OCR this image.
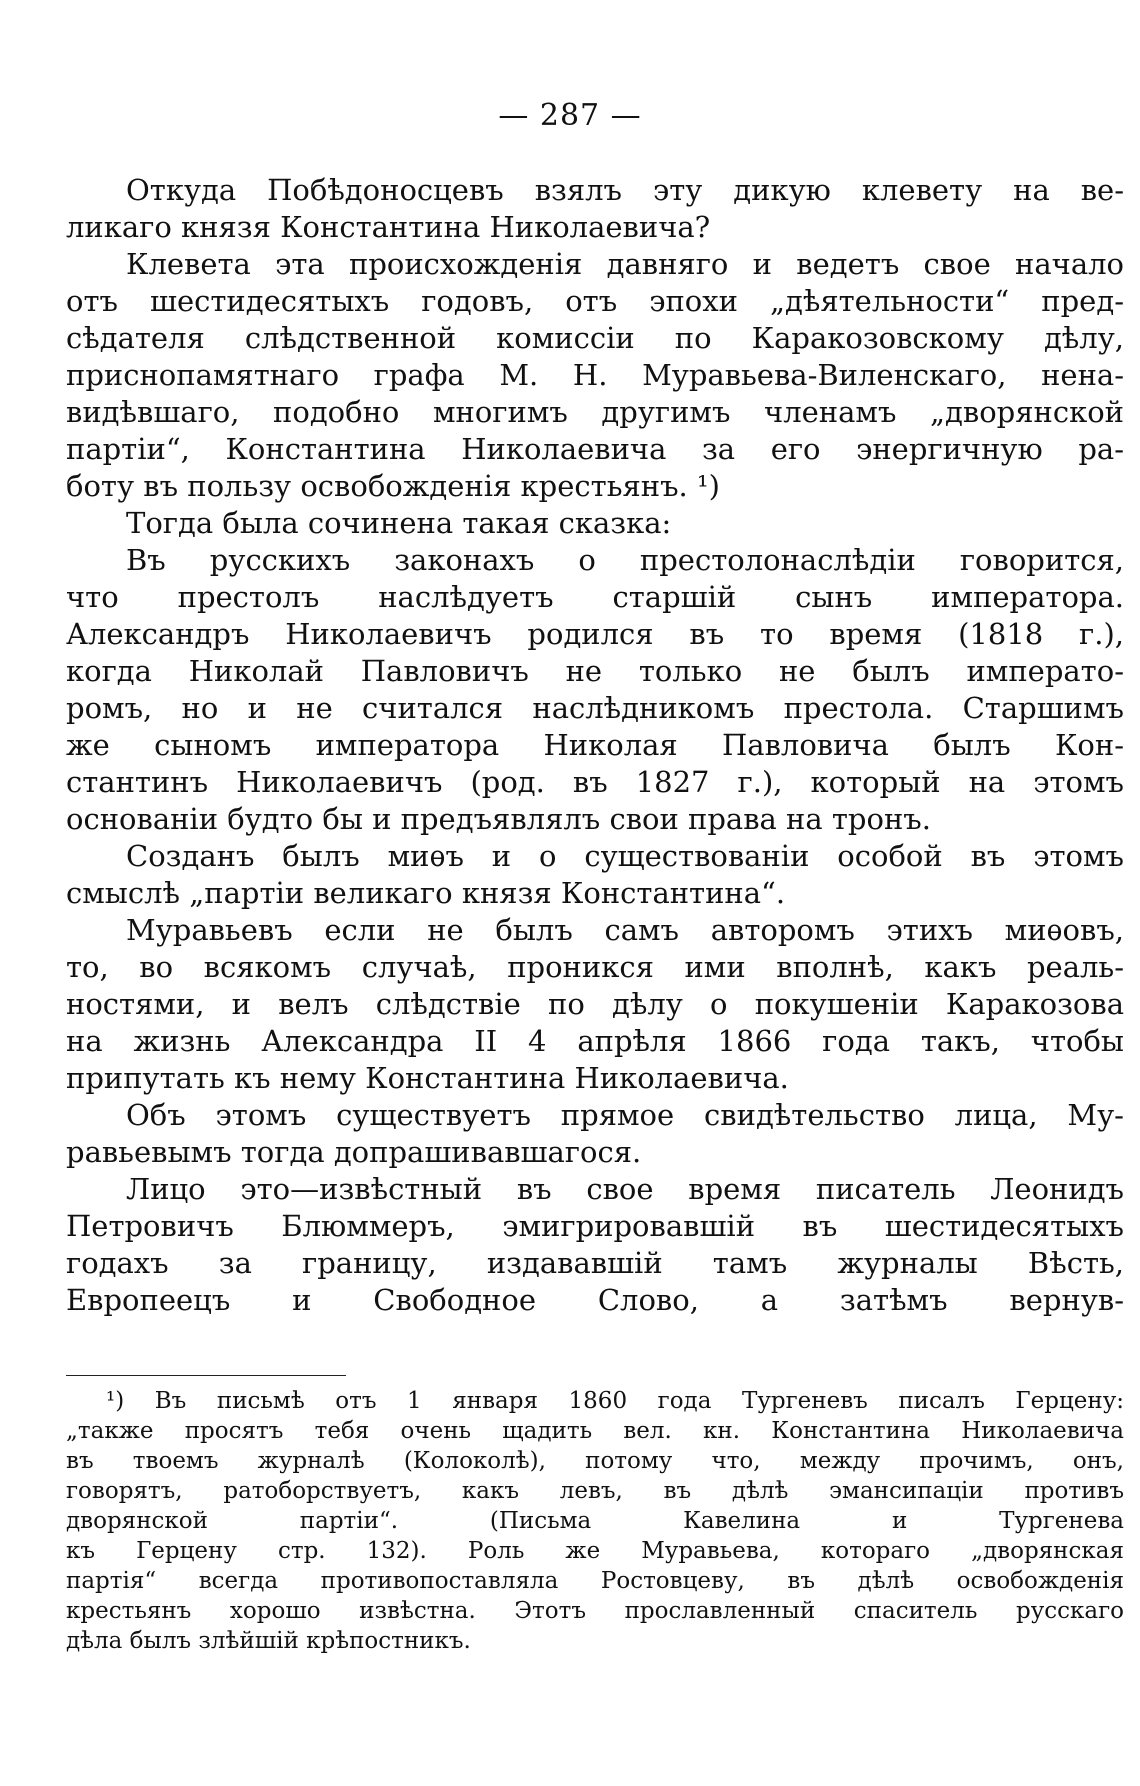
— 287 —
Откуда Побѣдоносцевъ взялъ эту дикую клевету на ве-
ликаго князя Константина Николаевича?
Клевета эта происхожденія давняго и ведетъ свое начало
отъ шестидесятыхъ годовъ, отъ эпохи „дѣятельности“ пред-
сѣдателя слѣдственной комиссіи по Каракозовскому дѣлу,
приснопамятнаго графа М. Н. Муравьева-Виленскаго, нена-
видѣвшаго, подобно многимъ другимъ членамъ „дворянской
партіи“, Константина Николаевича за его энергичную ра-
боту въ пользу освобожденія крестьянъ. ¹)
Тогда была сочинена такая сказка:
Въ русскихъ законахъ о престолонаслѣдіи говорится,
что престолъ наслѣдуетъ старшій сынъ императора.
Александръ Николаевичъ родился въ то время (1818 г.),
когда Николай Павловичъ не только не былъ императо-
ромъ, но и не считался наслѣдникомъ престола. Старшимъ
же сыномъ императора Николая Павловича былъ Кон-
стантинъ Николаевичъ (род. въ 1827 г.), который на этомъ
основаніи будто бы и предъявлялъ свои права на тронъ.
Созданъ былъ миѳъ и о существованіи особой въ этомъ
смыслѣ „партіи великаго князя Константина“.
Муравьевъ если не былъ самъ авторомъ этихъ миѳовъ,
то, во всякомъ случаѣ, проникся ими вполнѣ, какъ реаль-
ностями, и велъ слѣдствіе по дѣлу о покушеніи Каракозова
на жизнь Александра II 4 апрѣля 1866 года такъ, чтобы
припутать къ нему Константина Николаевича.
Объ этомъ существуетъ прямое свидѣтельство лица, Му-
равьевымъ тогда допрашивавшагося.
Лицо это—извѣстный въ свое время писатель Леонидъ
Петровичъ Блюммеръ, эмигрировавшій въ шестидесятыхъ
годахъ за границу, издававшій тамъ журналы Вѣсть,
Европеецъ и Свободное Слово, а затѣмъ вернув-
¹) Въ письмѣ отъ 1 января 1860 года Тургеневъ писалъ Герцену:
„также просятъ тебя очень щадить вел. кн. Константина Николаевича
въ твоемъ журналѣ (Колоколѣ), потому что, между прочимъ, онъ,
говорятъ, ратоборствуетъ, какъ левъ, въ дѣлѣ эмансипаціи противъ
дворянской партіи“. (Письма Кавелина и Тургенева
къ Герцену стр. 132). Роль же Муравьева, котораго „дворянская
партія“ всегда противопоставляла Ростовцеву, въ дѣлѣ освобожденія
крестьянъ хорошо извѣстна. Этотъ прославленный спаситель русскаго
дѣла былъ злѣйшій крѣпостникъ.
